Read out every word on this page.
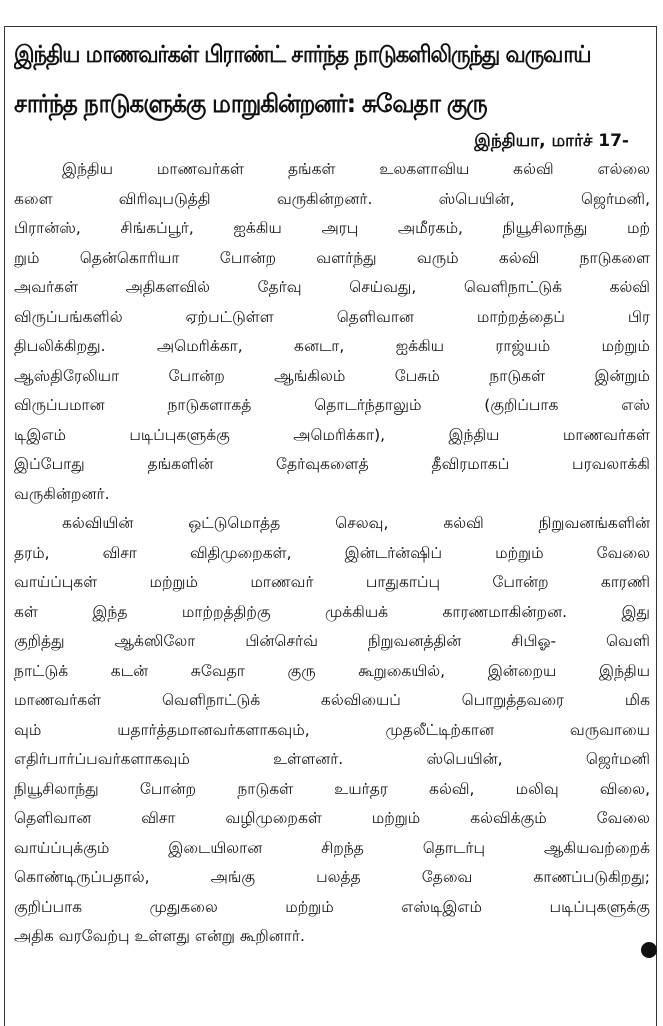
இந்திய மாணவர்கள் பிராண்ட் சார்ந்த நாடுகளிலிருந்து வருவாய்
சார்ந்த நாடுகளுக்கு மாறுகின்றனர்: சுவேதா குரு
இந்தியா, மார்ச் 17-
இந்திய மாணவர்கள் தங்கள் உலகளாவிய கல்வி எல்லை
களை விரிவுபடுத்தி வருகின்றனர். ஸ்பெயின், ஜெர்மனி,
பிரான்ஸ், சிங்கப்பூர், ஐக்கிய அரபு அமீரகம், நியூசிலாந்து மற்
றும் தென்கொரியா போன்ற வளர்ந்து வரும் கல்வி நாடுகளை
அவர்கள் அதிகளவில் தேர்வு செய்வது, வெளிநாட்டுக் கல்வி
விருப்பங்களில் ஏற்பட்டுள்ள தெளிவான மாற்றத்தைப் பிர
திபலிக்கிறது. அமெரிக்கா, கனடா, ஐக்கிய ராஜ்யம் மற்றும்
ஆஸ்திரேலியா போன்ற ஆங்கிலம் பேசும் நாடுகள் இன்றும்
விருப்பமான நாடுகளாகத் தொடர்ந்தாலும் (குறிப்பாக எஸ்
டிஇஎம் படிப்புகளுக்கு அமெரிக்கா), இந்திய மாணவர்கள்
இப்போது தங்களின் தேர்வுகளைத் தீவிரமாகப் பரவலாக்கி
வருகின்றனர்.
கல்வியின் ஒட்டுமொத்த செலவு, கல்வி நிறுவனங்களின்
தரம், விசா விதிமுறைகள், இன்டர்ன்ஷிப் மற்றும் வேலை
வாய்ப்புகள் மற்றும் மாணவர் பாதுகாப்பு போன்ற காரணி
கள் இந்த மாற்றத்திற்கு முக்கியக் காரணமாகின்றன. இது
குறித்து ஆக்ஸிலோ பின்செர்வ் நிறுவனத்தின் சிபிஓ- வெளி
நாட்டுக் கடன் சுவேதா குரு கூறுகையில், இன்றைய இந்திய
மாணவர்கள் வெளிநாட்டுக் கல்வியைப் பொறுத்தவரை மிக
வும் யதார்த்தமானவர்களாகவும், முதலீட்டிற்கான வருவாயை
எதிர்பார்ப்பவர்களாகவும் உள்ளனர். ஸ்பெயின், ஜெர்மனி
நியூசிலாந்து போன்ற நாடுகள் உயர்தர கல்வி, மலிவு விலை,
தெளிவான விசா வழிமுறைகள் மற்றும் கல்விக்கும் வேலை
வாய்ப்புக்கும் இடையிலான சிறந்த தொடர்பு ஆகியவற்றைக்
கொண்டிருப்பதால், அங்கு பலத்த தேவை காணப்படுகிறது;
குறிப்பாக முதுகலை மற்றும் எஸ்டிஇஎம் படிப்புகளுக்கு
அதிக வரவேற்பு உள்ளது என்று கூறினார்.
